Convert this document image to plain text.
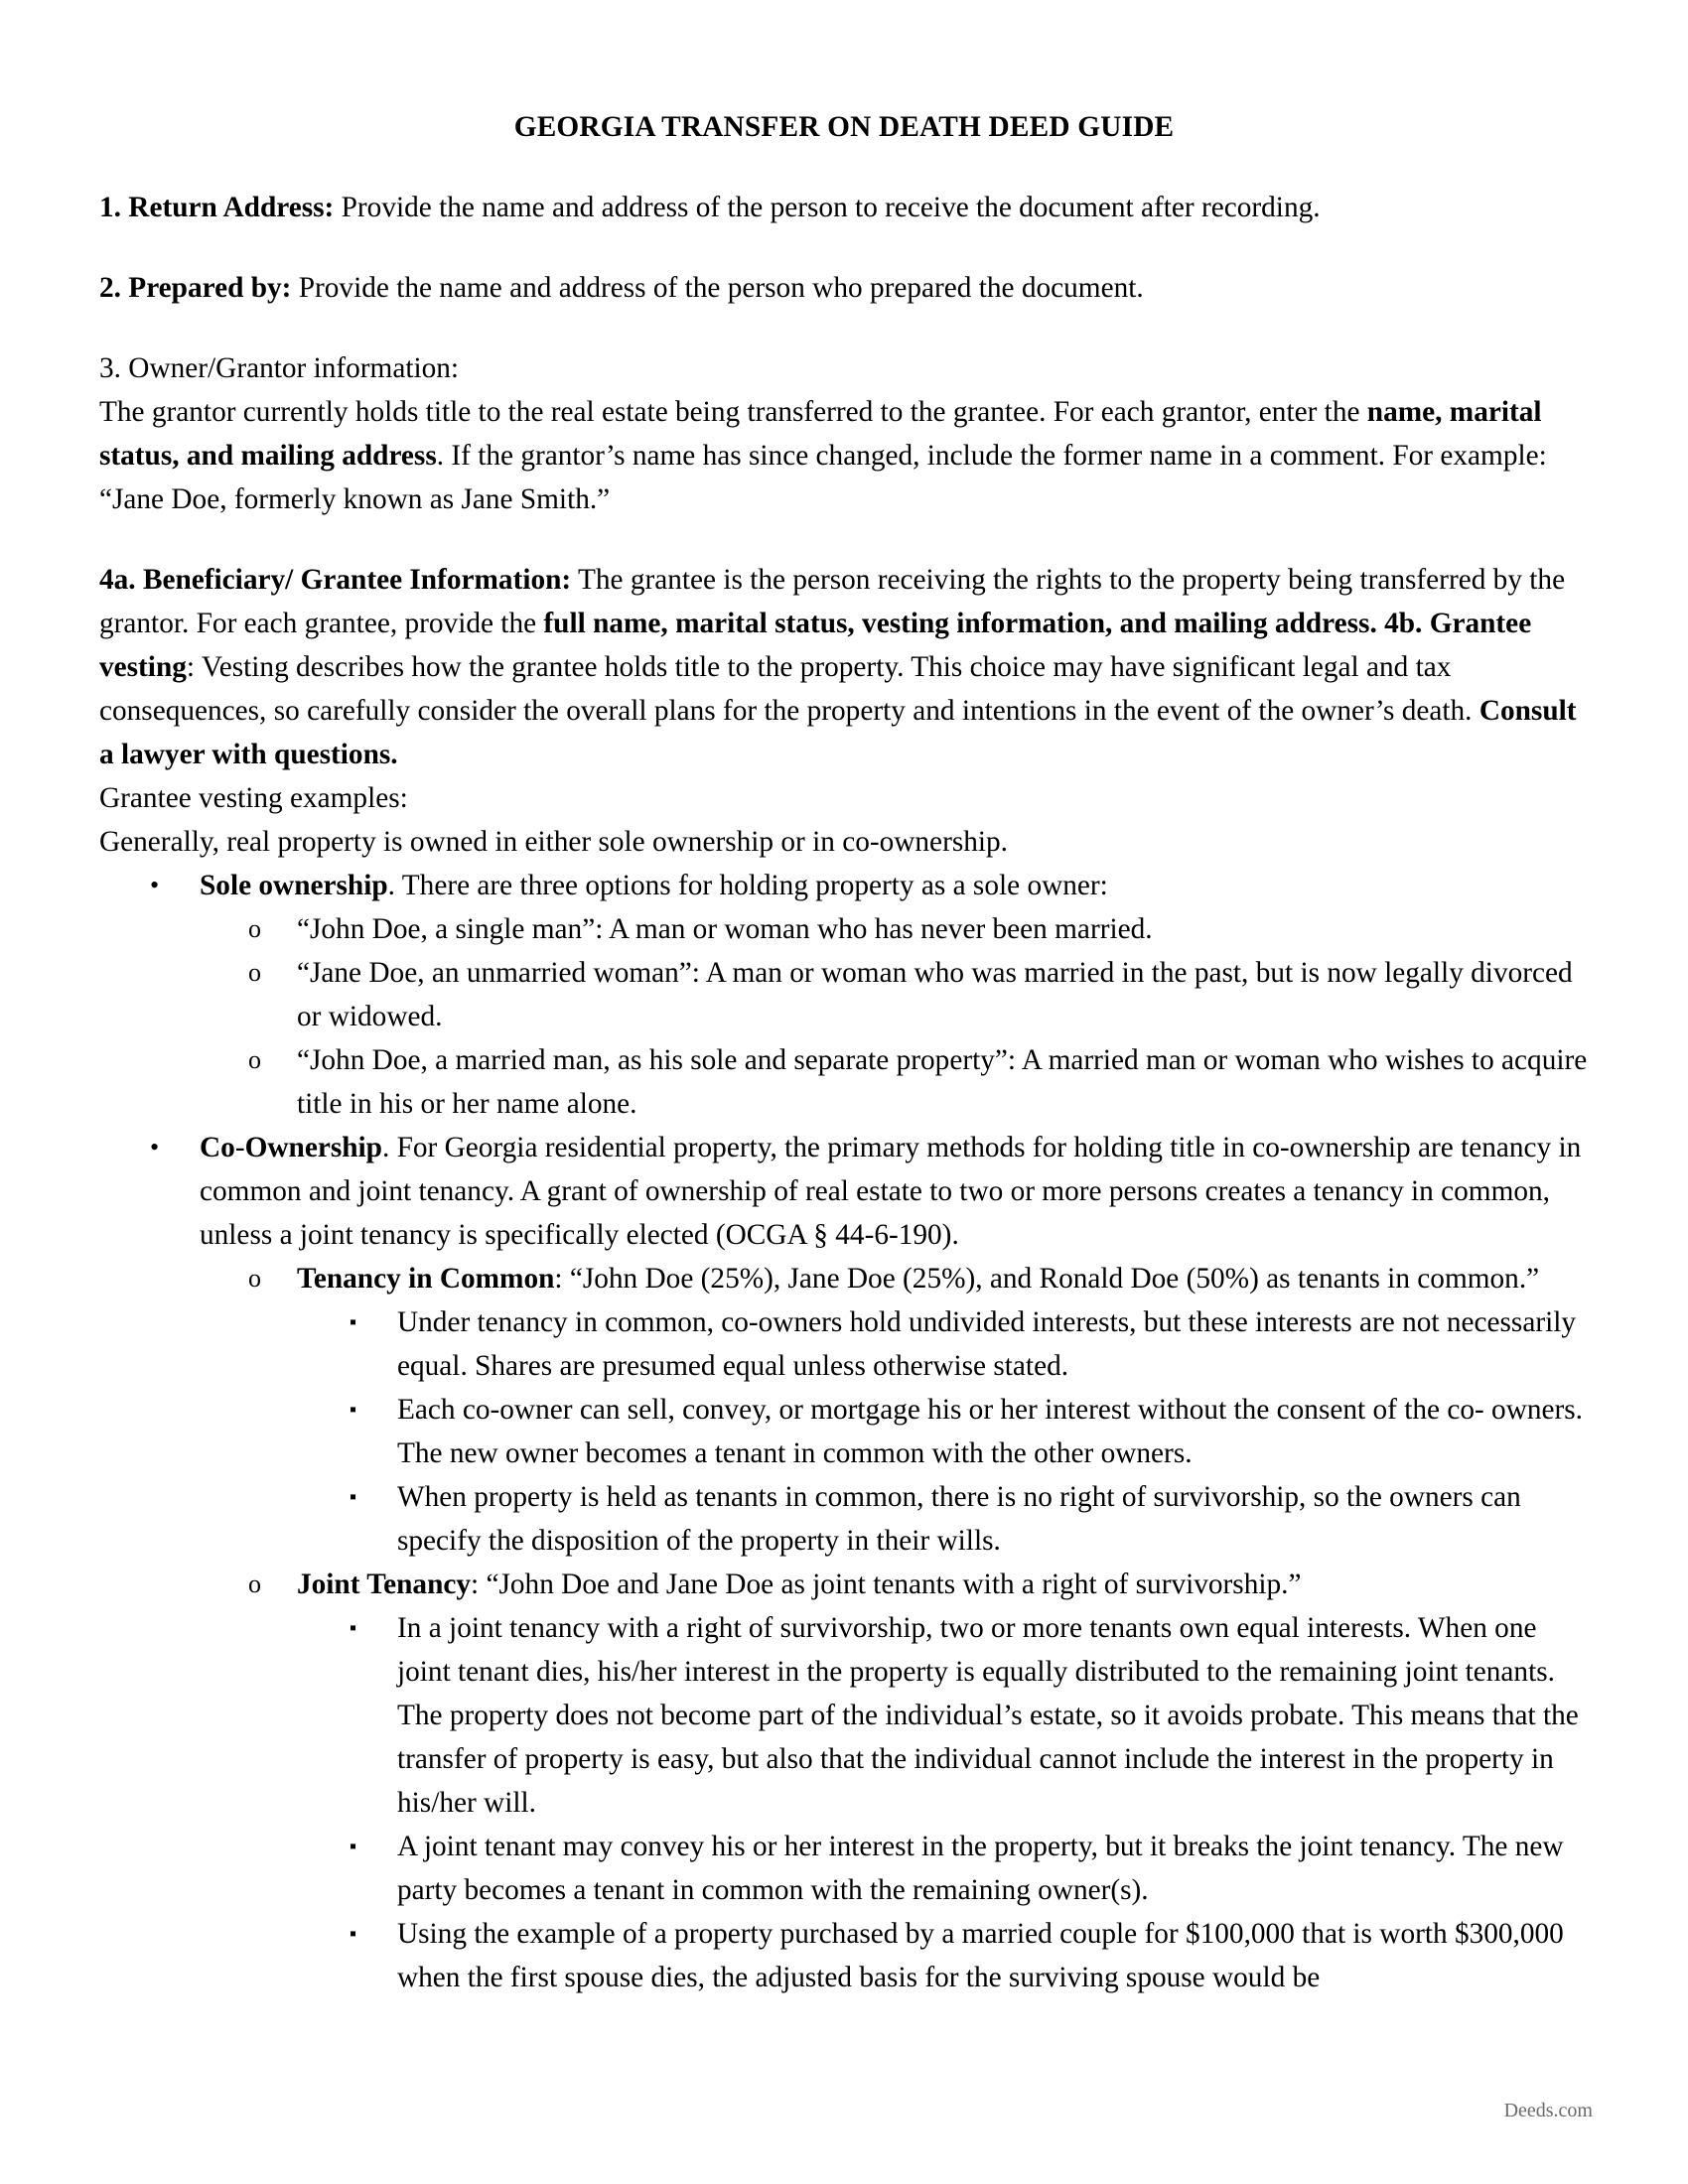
GEORGIA TRANSFER ON DEATH DEED GUIDE

1. Return Address: Provide the name and address of the person to receive the document after recording.

2. Prepared by: Provide the name and address of the person who prepared the document.

3. Owner/Grantor information:

The grantor currently holds title to the real estate being transferred to the grantee. For each grantor, enter the name, marital status, and mailing address. If the grantor’s name has since changed, include the former name in a comment. For example: “Jane Doe, formerly known as Jane Smith.”

4a. Beneficiary/ Grantee Information: The grantee is the person receiving the rights to the property being transferred by the grantor. For each grantee, provide the full name, marital status, vesting information, and mailing address. 4b. Grantee vesting: Vesting describes how the grantee holds title to the property. This choice may have significant legal and tax consequences, so carefully consider the overall plans for the property and intentions in the event of the owner’s death. Consult a lawyer with questions.

Grantee vesting examples:

Generally, real property is owned in either sole ownership or in co-ownership.

• Sole ownership. There are three options for holding property as a sole owner:
o “John Doe, a single man”: A man or woman who has never been married.
o “Jane Doe, an unmarried woman”: A man or woman who was married in the past, but is now legally divorced or widowed.
o “John Doe, a married man, as his sole and separate property”: A married man or woman who wishes to acquire title in his or her name alone.
• Co-Ownership. For Georgia residential property, the primary methods for holding title in co-ownership are tenancy in common and joint tenancy. A grant of ownership of real estate to two or more persons creates a tenancy in common, unless a joint tenancy is specifically elected (OCGA § 44-6-190).
o Tenancy in Common: “John Doe (25%), Jane Doe (25%), and Ronald Doe (50%) as tenants in common.”
▪ Under tenancy in common, co-owners hold undivided interests, but these interests are not necessarily equal. Shares are presumed equal unless otherwise stated.
▪ Each co-owner can sell, convey, or mortgage his or her interest without the consent of the co- owners. The new owner becomes a tenant in common with the other owners.
▪ When property is held as tenants in common, there is no right of survivorship, so the owners can specify the disposition of the property in their wills.
o Joint Tenancy: “John Doe and Jane Doe as joint tenants with a right of survivorship.”
▪ In a joint tenancy with a right of survivorship, two or more tenants own equal interests. When one joint tenant dies, his/her interest in the property is equally distributed to the remaining joint tenants. The property does not become part of the individual’s estate, so it avoids probate. This means that the transfer of property is easy, but also that the individual cannot include the interest in the property in his/her will.
▪ A joint tenant may convey his or her interest in the property, but it breaks the joint tenancy. The new party becomes a tenant in common with the remaining owner(s).
▪ Using the example of a property purchased by a married couple for $100,000 that is worth $300,000 when the first spouse dies, the adjusted basis for the surviving spouse would be
Deeds.com
